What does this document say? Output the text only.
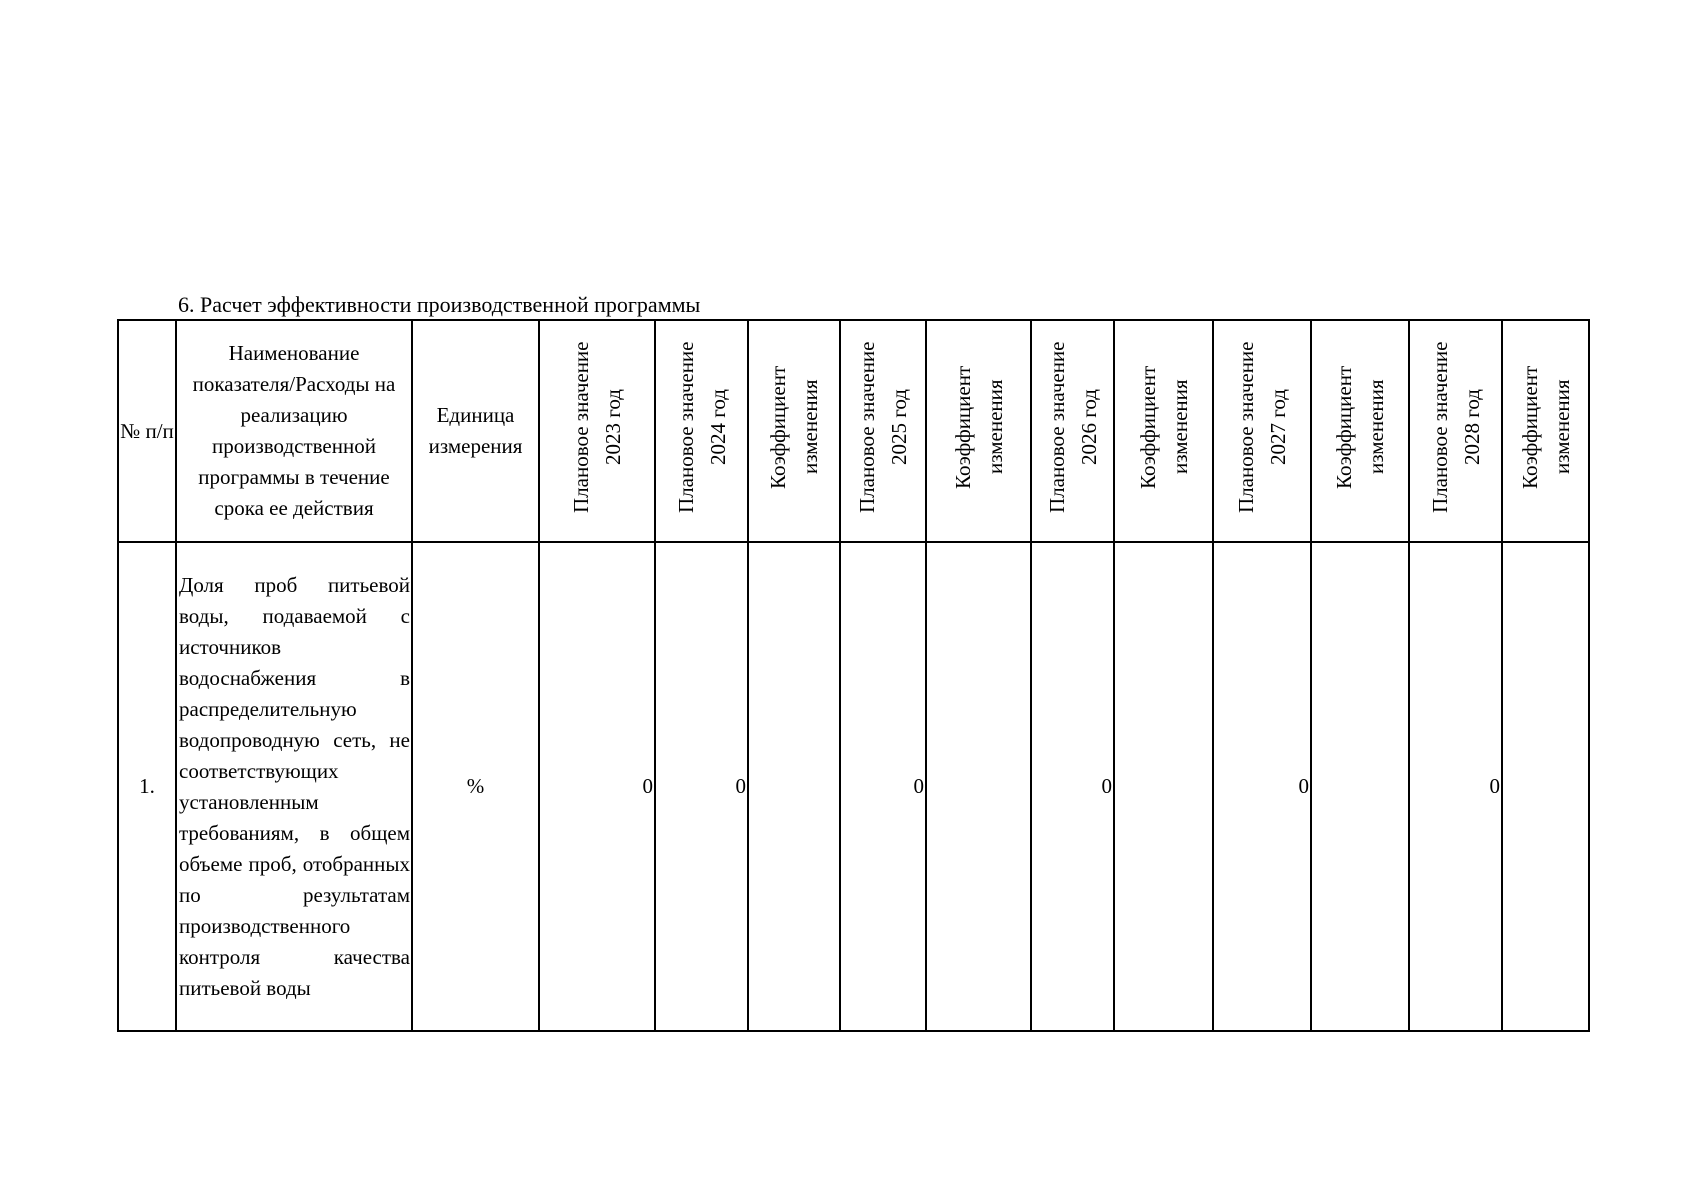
6. Расчет эффективности производственной программы
№ п/п	Наименование показателя/Расходы на реализацию производственной программы в течение срока ее действия	Единица измерения	Плановое значение 2023 год	Плановое значение 2024 год	Коэффициент изменения	Плановое значение 2025 год	Коэффициент изменения	Плановое значение 2026 год	Коэффициент изменения	Плановое значение 2027 год	Коэффициент изменения	Плановое значение 2028 год	Коэффициент изменения
1.	Доля проб питьевой воды, подаваемой с источников водоснабжения в распределительную водопроводную сеть, не соответствующих установленным требованиям, в общем объеме проб, отобранных по результатам производственного контроля качества питьевой воды	%	0	0		0		0		0		0	
